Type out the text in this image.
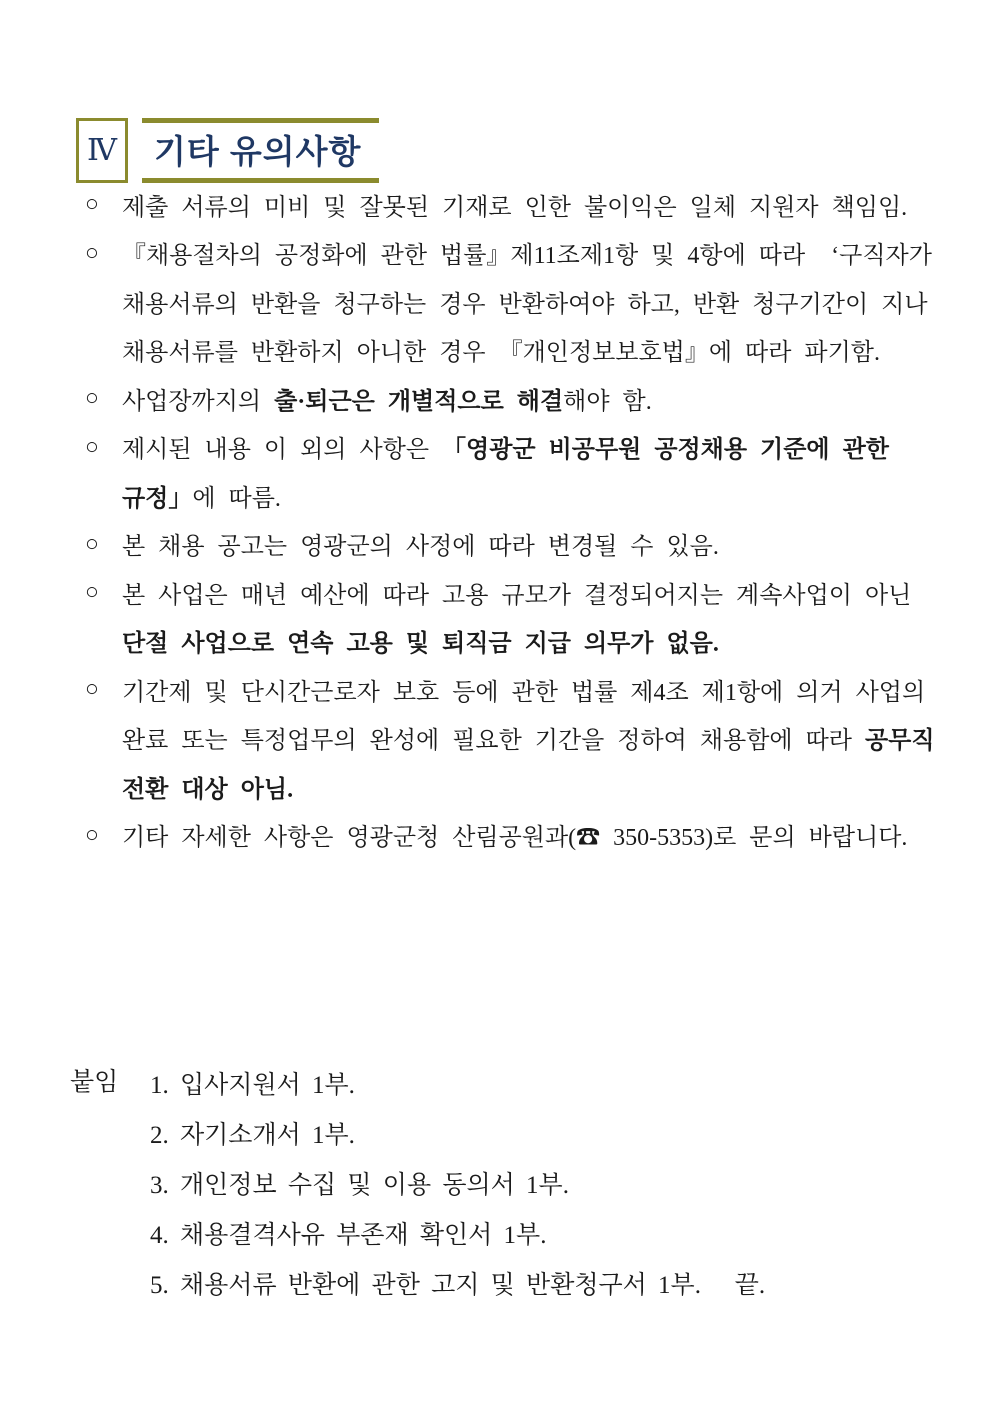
Ⅳ 기타 유의사항
○ 제출 서류의 미비 및 잘못된 기재로 인한 불이익은 일체 지원자 책임임.
○ 『채용절차의 공정화에 관한 법률』제11조제1항 및 4항에 따라  ‘구직자가
채용서류의 반환을 청구하는 경우 반환하여야 하고, 반환 청구기간이 지나
채용서류를 반환하지 아니한 경우 『개인정보보호법』에 따라 파기함.
○ 사업장까지의 출·퇴근은 개별적으로 해결해야 함.
○ 제시된 내용 이 외의 사항은 「영광군 비공무원 공정채용 기준에 관한
규정」에 따름.
○ 본 채용 공고는 영광군의 사정에 따라 변경될 수 있음.
○ 본 사업은 매년 예산에 따라 고용 규모가 결정되어지는 계속사업이 아닌
단절 사업으로 연속 고용 및 퇴직금 지급 의무가 없음.
○ 기간제 및 단시간근로자 보호 등에 관한 법률 제4조 제1항에 의거 사업의
완료 또는 특정업무의 완성에 필요한 기간을 정하여 채용함에 따라 공무직
전환 대상 아님.
○ 기타 자세한 사항은 영광군청 산림공원과(☎ 350-5353)로 문의 바랍니다.
붙임 1. 입사지원서 1부.
2. 자기소개서 1부.
3. 개인정보 수집 및 이용 동의서 1부.
4. 채용결격사유 부존재 확인서 1부.
5. 채용서류 반환에 관한 고지 및 반환청구서 1부.   끝.
